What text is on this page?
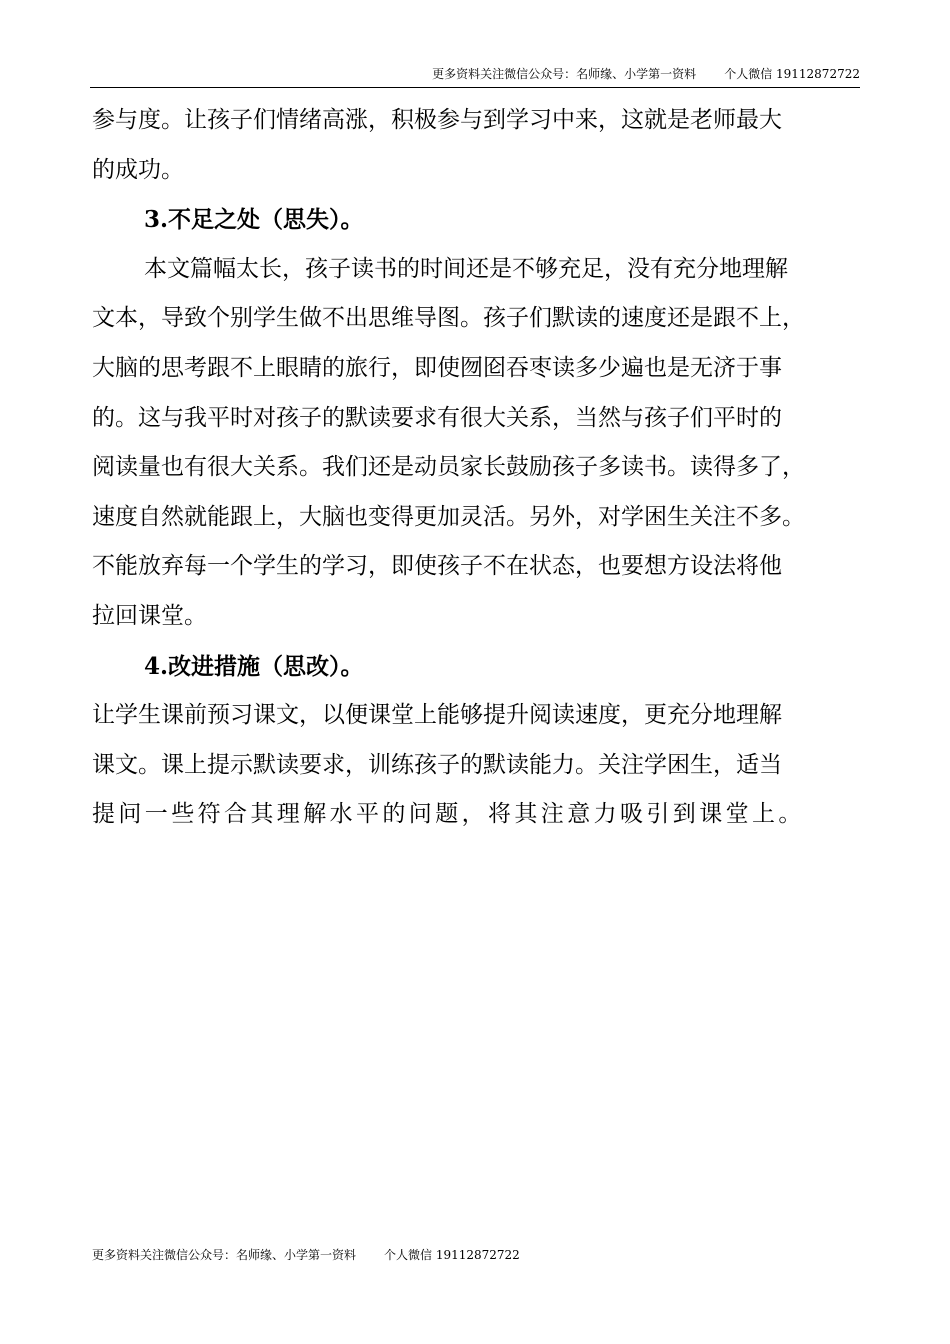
更多资料关注微信公众号：名师缘、小学第一资料 个人微信 19112872722
参与度。让孩子们情绪高涨，积极参与到学习中来，这就是老师最大
的成功。
3.不足之处（思失）。
本文篇幅太长，孩子读书的时间还是不够充足，没有充分地理解
文本，导致个别学生做不出思维导图。孩子们默读的速度还是跟不上，
大脑的思考跟不上眼睛的旅行，即使囫囵吞枣读多少遍也是无济于事
的。这与我平时对孩子的默读要求有很大关系，当然与孩子们平时的
阅读量也有很大关系。我们还是动员家长鼓励孩子多读书。读得多了，
速度自然就能跟上，大脑也变得更加灵活。另外，对学困生关注不多。
不能放弃每一个学生的学习，即使孩子不在状态，也要想方设法将他
拉回课堂。
4.改进措施（思改）。
让学生课前预习课文，以便课堂上能够提升阅读速度，更充分地理解
课文。课上提示默读要求，训练孩子的默读能力。关注学困生，适当
提问一些符合其理解水平的问题，将其注意力吸引到课堂上。
更多资料关注微信公众号：名师缘、小学第一资料 个人微信 19112872722
